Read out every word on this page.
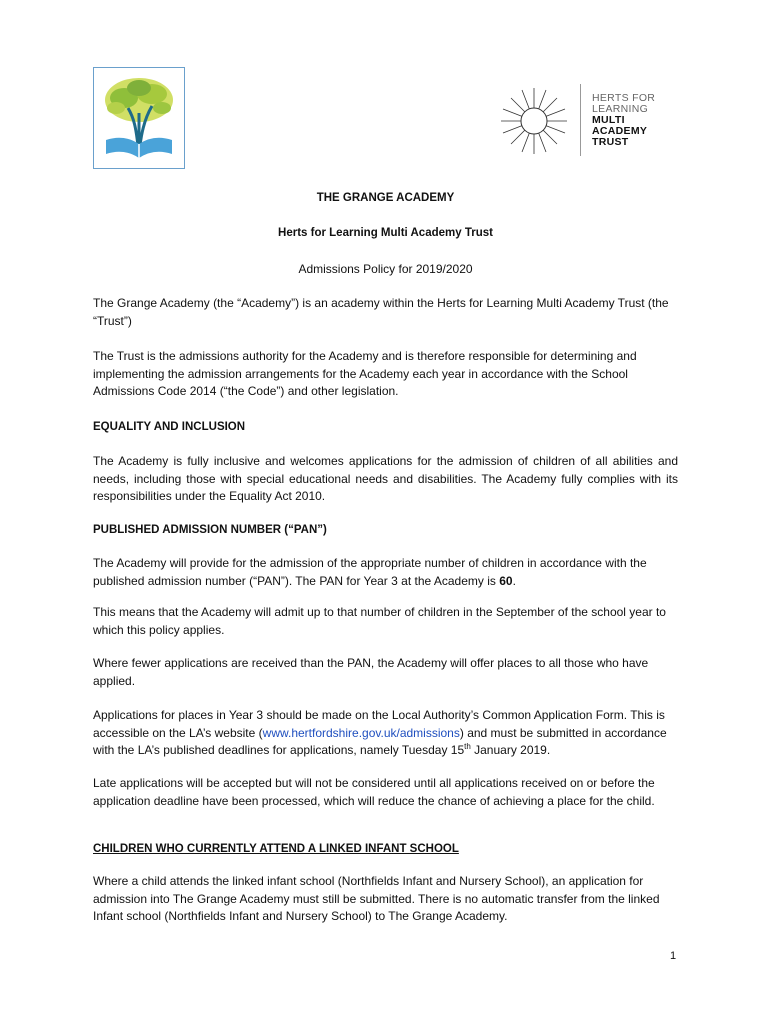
HERTS FOR
LEARNING
MULTI
ACADEMY
TRUST
THE GRANGE ACADEMY
Herts for Learning Multi Academy Trust
Admissions Policy for 2019/2020
The Grange Academy (the “Academy”) is an academy within the Herts for Learning Multi Academy Trust (the “Trust”)
The Trust is the admissions authority for the Academy and is therefore responsible for determining and implementing the admission arrangements for the Academy each year in accordance with the School Admissions Code 2014 (“the Code”) and other legislation.
EQUALITY AND INCLUSION
The Academy is fully inclusive and welcomes applications for the admission of children of all abilities and needs, including those with special educational needs and disabilities. The Academy fully complies with its responsibilities under the Equality Act 2010.
PUBLISHED ADMISSION NUMBER (“PAN”)
The Academy will provide for the admission of the appropriate number of children in accordance with the published admission number (“PAN”). The PAN for Year 3 at the Academy is 60.
This means that the Academy will admit up to that number of children in the September of the school year to which this policy applies.
Where fewer applications are received than the PAN, the Academy will offer places to all those who have applied.
Applications for places in Year 3 should be made on the Local Authority’s Common Application Form. This is accessible on the LA’s website (www.hertfordshire.gov.uk/admissions) and must be submitted in accordance with the LA’s published deadlines for applications, namely Tuesday 15th January 2019.
Late applications will be accepted but will not be considered until all applications received on or before the application deadline have been processed, which will reduce the chance of achieving a place for the child.
CHILDREN WHO CURRENTLY ATTEND A LINKED INFANT SCHOOL
Where a child attends the linked infant school (Northfields Infant and Nursery School), an application for admission into The Grange Academy must still be submitted. There is no automatic transfer from the linked Infant school (Northfields Infant and Nursery School) to The Grange Academy.
1
